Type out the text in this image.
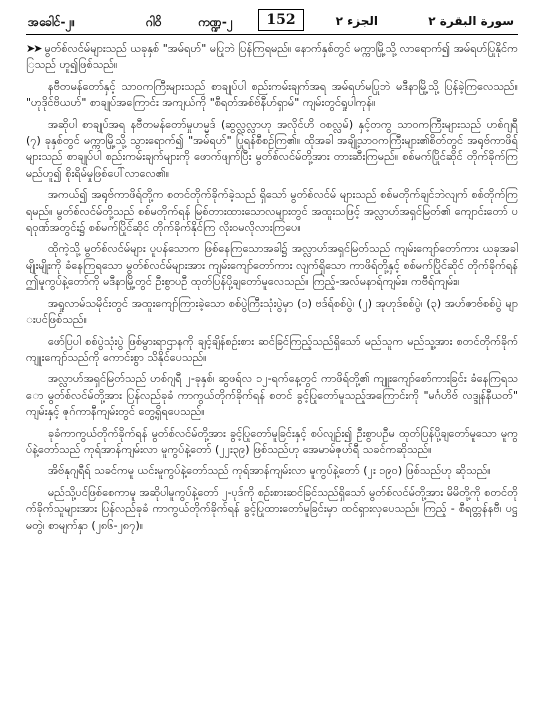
အခေါင်-၂။	ဂါဝိ	ကဏ္ဍ-၂	152	الجزء ٢	سورة البقرة ٢

➤➤ မွတ်စ်လင်မ်များသည် ယခုနှစ် "အမ်ရဟ်" မပြုဘဲ ပြန်ကြရမည်။ နောက်နှစ်တွင် မက္ကာမြို့သို့ လာရောက်၍ အမ်ရဟ်ပြုနိုင်ကြသည် ဟူ၍ဖြစ်သည်။

နဗီတမန်တော်နှင့် သာဝကကြီးများသည် စာချုပ်ပါ စည်းကမ်းချက်အရ အမ်ရဟ်မပြုဘဲ မဒီနာမြို့သို့ ပြန်ခဲ့ကြလေသည်။ "ဟုဒိုင်ဗိယဟ်" စာချုပ်အကြောင်း အကျယ်ကို "စီရတ်အစ်ဗ်နီဟ်ရှာမ်" ကျမ်းတွင်ရှုပါကုန်။

အဆိုပါ စာချုပ်အရ နဗီတမန်တော်မှုဟမ္မဒ် (ဆွလ္လလ္လာဟု အလိုင်ဟိ ဝစလ္လမ်) နှင့်တကွ သာဝကကြီးများသည် ဟစ်ဂျရီ (၇) ခုနှစ်တွင် မက္ကာမြို့သို့ သွားရောက်၍ "အမ်ရဟ်" ပြုရန်စီစဉ်ကြ၏။ ထိုအခါ အချို့သာဝကကြီးများ၏စိတ်တွင် အရုဗ်ကာဖိရ်များသည် စာချုပ်ပါ စည်းကမ်းချက်များကို ဖောက်ဖျက်ပြီး မွတ်စ်လင်မ်တို့အား တားဆီးကြမည်။ စစ်မက်ပြိုင်ဆိုင် တိုက်ခိုက်ကြမည်ဟူ၍ စိုးရိမ်မှုဖြစ်ပေါ်လာလေ၏။

အကယ်၍ အရုဗ်ကာဖိရ်တို့က စတင်တိုက်ခိုက်ခဲ့သည် ရှိသော် မွတ်စ်လင်မ် များသည် စစ်မတိုက်ချင်ဘဲလျက် စစ်တိုက်ကြရမည်။ မွတ်စ်လင်မ်တို့သည် စစ်မတိုက်ရန် မြစ်တားထားသောလများတွင် အထူးသဖြင့် အလ္လာဟ်အရှင်မြတ်၏ ကျောင်းတော် ပရဝုဏ်အတွင်း၌ စစ်မက်ပြိုင်ဆိုင် တိုက်ခိုက်နိုင်ကြ လိုးဝမလိုလားကြပေ။

ထိုကဲ့သို့ မွတ်စ်လင်မ်များ ပူပန်သောက ဖြစ်နေကြသောအခါ၌ အလ္လာဟ်အရှင်မြတ်သည် ကျမ်းကျော်တော်ကား ယခုအခါမျိုးမျိုးကို ခံနေကြရသော မွတ်စ်လင်မ်များအား ကျမ်းကျော်တော်ကား လျက်ရှိသော ကာဖိရ်တို့နှင့် စစ်မက်ပြိုင်ဆိုင် တိုက်ခိုက်ရန် ဤမူကွပ်နဲ့တော်ကို မဒီနာမြို့တွင် ဦးစွာပဦ ထုတ်ပြန်ပို့ချတော်မူလေသည်။ ကြည့်-အလ်မနာရ်ကျမ်း။ ကဗီရ်ကျမ်း။

အရှုလာမ်သမိုင်းတွင် အထူးကျော်ကြားခဲ့သော စစ်ပွဲကြီးသုံးပွဲမှာ (၁) ဗဒ်ရ်စစ်ပွဲ၊ (၂) အုဟုဒ်စစ်ပွဲ၊ (၃) အဟ်ဇာဗ်စစ်ပွဲ များပင်ဖြစ်သည်။

ဖော်ပြပါ စစ်ပွဲသုံးပွဲ ဖြစ်မွားရာဌာနကို ချင့်ချိန်စဉ်းစား ဆင်ခြင်ကြည့်သည်ရှိသော် မည်သူက မည်သူ့အား စတင်တိုက်ခိုက် ကျူးကျော်သည်ကို ကောင်းစွာ သိနိုင်ပေသည်။

အလ္လာဟ်အရှင်မြတ်သည် ဟစ်ဂျရီ ၂-ခုနှစ်၊ ဆွဖရ်လ ၁၂-ရက်နေ့တွင် ကာဖိရ်တို့၏ ကျူးကျော်စော်ကားခြင်း ခံနေကြရသော မွတ်စ်လင်မ်တို့အား ပြန်လည်ခုခံ ကာကွယ်တိုက်ခိုက်ရန် စတင် ခွင့်ပြုတော်မူသည့်အကြောင်းကို "မင်္ဂဟိဗ် လဒ္ဒုန်နီယတ်" ကျမ်းနှင့် ဇုဂ်ကာနီကျမ်းတွင် တွေ့ရှိရပေသည်။

ခုခံကာကွယ်တိုက်ခိုက်ရန် မွတ်စ်လင်မ်တို့အား ခွင့်ပြုတော်မူခြင်းနှင့် စပ်လျဉ်း၍ ဦးစွာပဦမ ထုတ်ပြန်ပို့ချတော်မူသော မူကွပ်နဲ့တော်သည် ကုရ်အာန်ကျမ်းလာ မူကွပ်နဲ့တော် (၂၂း၃၉) ဖြစ်သည်ဟု အေမာမ်ဇုဟ်ရီ သခင်ကဆိုသည်။

အိဗ်နုဂျရီရ် သခင်ကမူ ယင်းမူကွပ်နဲ့တော်သည် ကုရ်အာန်ကျမ်းလာ မူကွပ်နဲ့တော် (၂း ၁၉၀) ဖြစ်သည်ဟု ဆိုသည်။

မည်သို့ပင်ဖြစ်စေကာမူ အဆိုပါမူကွပ်နဲ့တော် ၂-ပုဒ်ကို စဉ်းစားဆင်ခြင်သည်ရှိသော် မွတ်စ်လင်မ်တို့အား မိမိတို့ကို စတင်တိုက်ခိုက်သူများအား ပြန်လည်ခုခံ ကာကွယ်တိုက်ခိုက်ရန် ခွင့်ပြုထားတော်မူခြင်းမှာ ထင်ရှားလှပေသည်။ ကြည့် - စီရတ္တန်နဗီ၊ ပဋ္ဌမတွဲ၊ စာမျက်နှာ (၂၈၆-၂၈၇)။
